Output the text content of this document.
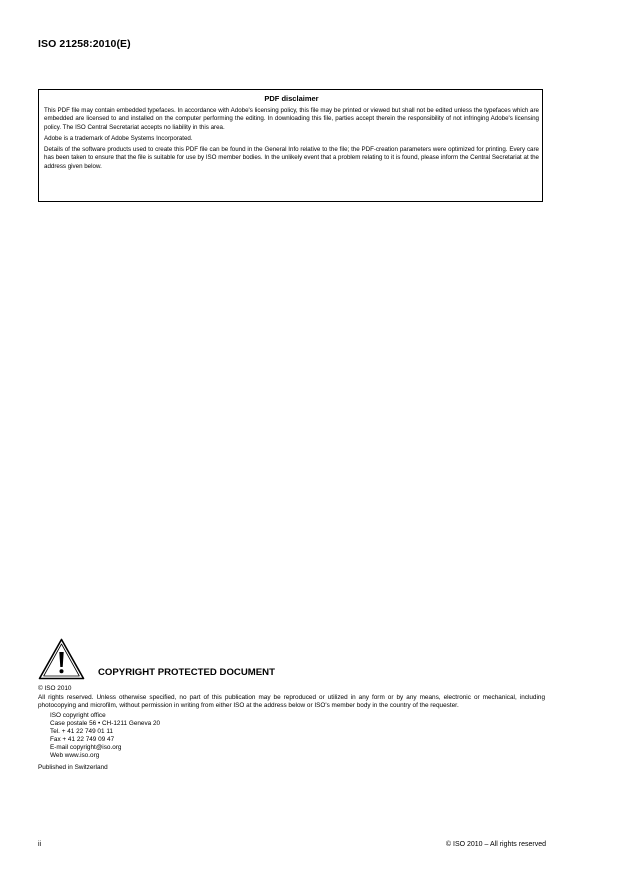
ISO 21258:2010(E)
PDF disclaimer

This PDF file may contain embedded typefaces. In accordance with Adobe's licensing policy, this file may be printed or viewed but shall not be edited unless the typefaces which are embedded are licensed to and installed on the computer performing the editing. In downloading this file, parties accept therein the responsibility of not infringing Adobe's licensing policy. The ISO Central Secretariat accepts no liability in this area.

Adobe is a trademark of Adobe Systems Incorporated.

Details of the software products used to create this PDF file can be found in the General Info relative to the file; the PDF-creation parameters were optimized for printing. Every care has been taken to ensure that the file is suitable for use by ISO member bodies. In the unlikely event that a problem relating to it is found, please inform the Central Secretariat at the address given below.

COPYRIGHT PROTECTED DOCUMENT
© ISO 2010
All rights reserved. Unless otherwise specified, no part of this publication may be reproduced or utilized in any form or by any means, electronic or mechanical, including photocopying and microfilm, without permission in writing from either ISO at the address below or ISO's member body in the country of the requester.
ISO copyright office
Case postale 56 • CH-1211 Geneva 20
Tel. + 41 22 749 01 11
Fax + 41 22 749 09 47
E-mail copyright@iso.org
Web www.iso.org
Published in Switzerland
ii	© ISO 2010 – All rights reserved
